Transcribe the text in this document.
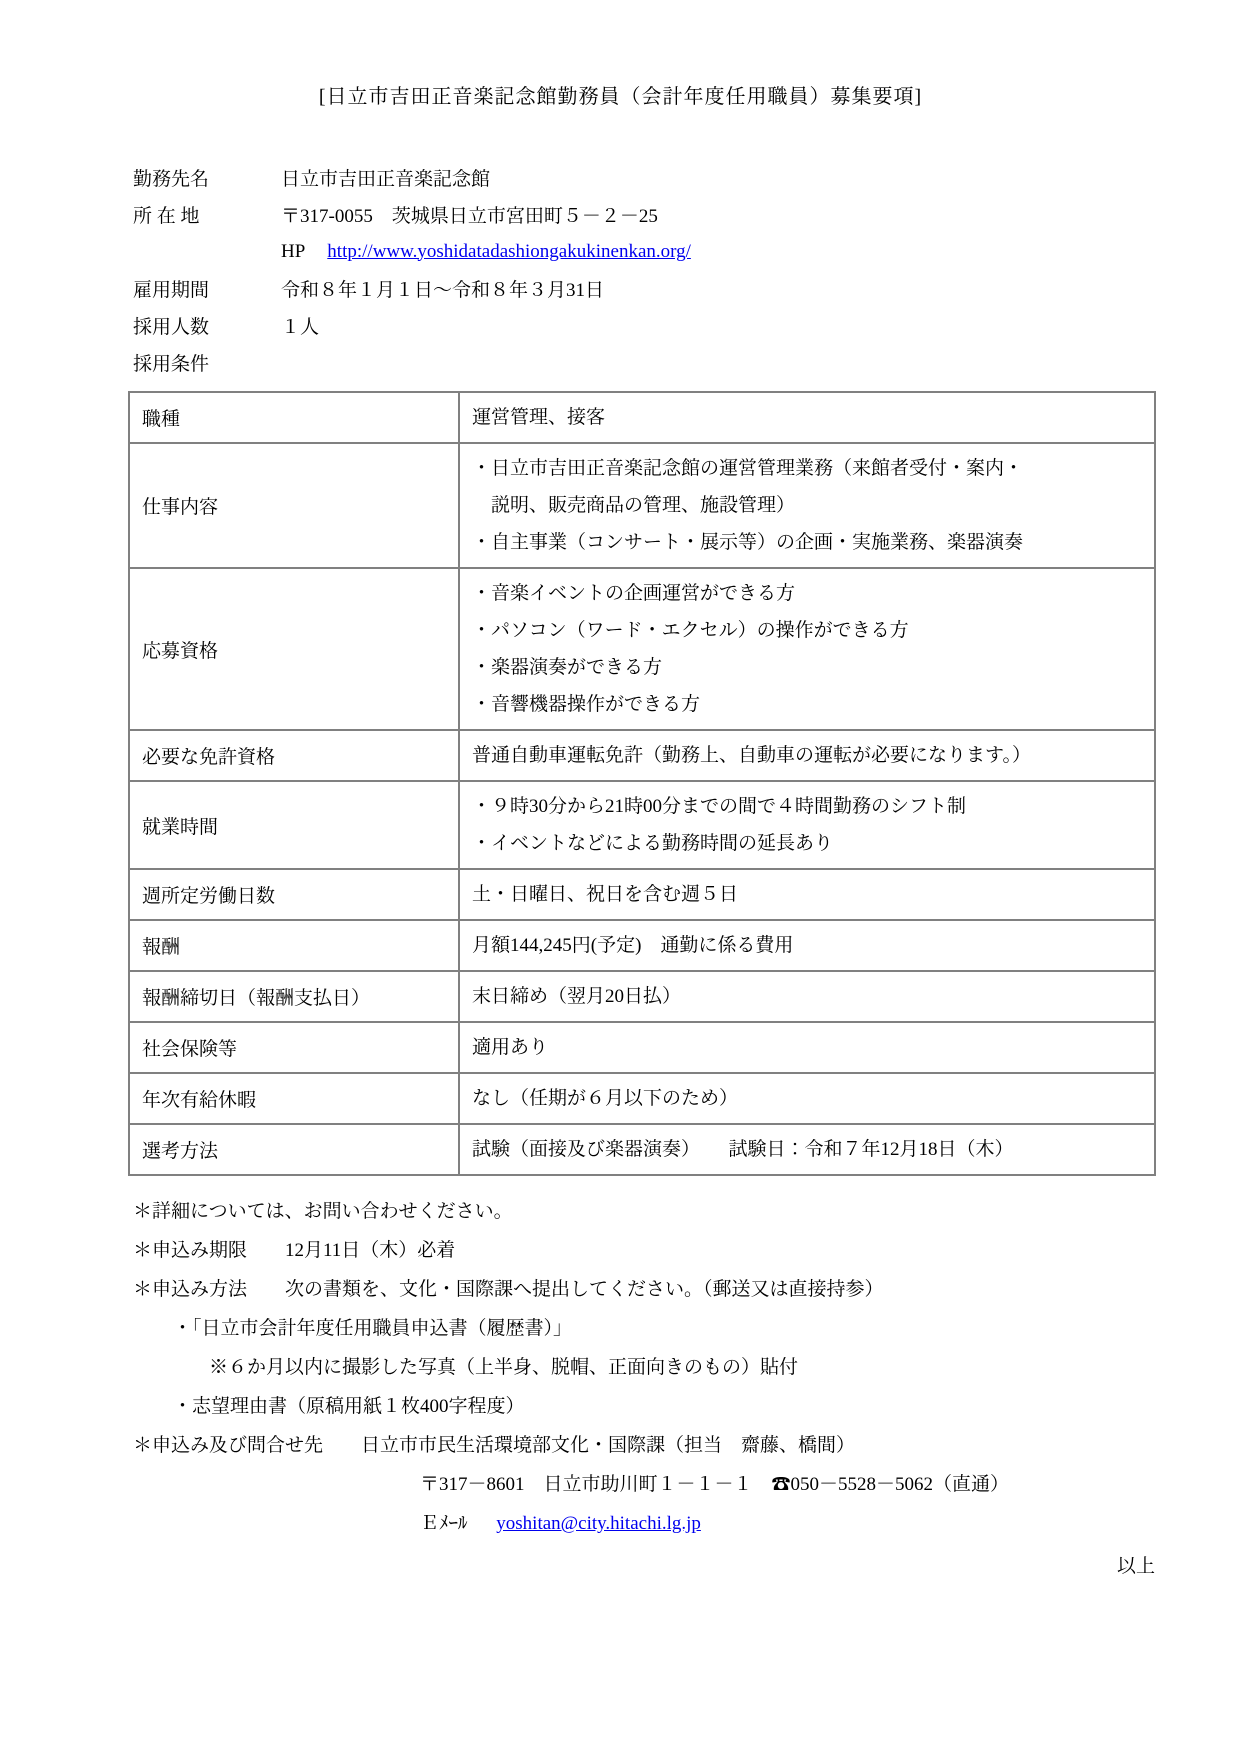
[日立市吉田正音楽記念館勤務員（会計年度任用職員）募集要項]
勤務先名	日立市吉田正音楽記念館
所 在 地	〒317-0055　茨城県日立市宮田町５－２－25
HP http://www.yoshidatadashiongakukinenkan.org/
雇用期間	令和８年１月１日～令和８年３月31日
採用人数	１人
採用条件
職種	運営管理、接客

仕事内容	・日立市吉田正音楽記念館の運営管理業務（来館者受付・案内・
説明、販売商品の管理、施設管理）
・自主事業（コンサート・展示等）の企画・実施業務、楽器演奏

応募資格	・音楽イベントの企画運営ができる方
・パソコン（ワード・エクセル）の操作ができる方
・楽器演奏ができる方
・音響機器操作ができる方

必要な免許資格	普通自動車運転免許（勤務上、自動車の運転が必要になります。）

就業時間	・９時30分から21時00分までの間で４時間勤務のシフト制
・イベントなどによる勤務時間の延長あり

週所定労働日数	土・日曜日、祝日を含む週５日

報酬	月額144,245円(予定)　通勤に係る費用

報酬締切日（報酬支払日）	末日締め（翌月20日払）

社会保険等	適用あり

年次有給休暇	なし（任期が６月以下のため）

選考方法	試験（面接及び楽器演奏）　　試験日：令和７年12月18日（木）
＊詳細については、お問い合わせください。
＊申込み期限　　12月11日（木）必着
＊申込み方法　　次の書類を、文化・国際課へ提出してください。（郵送又は直接持参）
・「日立市会計年度任用職員申込書（履歴書）」
※６か月以内に撮影した写真（上半身、脱帽、正面向きのもの）貼付
・志望理由書（原稿用紙１枚400字程度）
＊申込み及び問合せ先　　日立市市民生活環境部文化・国際課（担当　齋藤、橋間）
〒317－8601　日立市助川町１－１－１　☎050－5528－5062（直通）
Ｅﾒｰﾙ yoshitan@city.hitachi.lg.jp
以上
